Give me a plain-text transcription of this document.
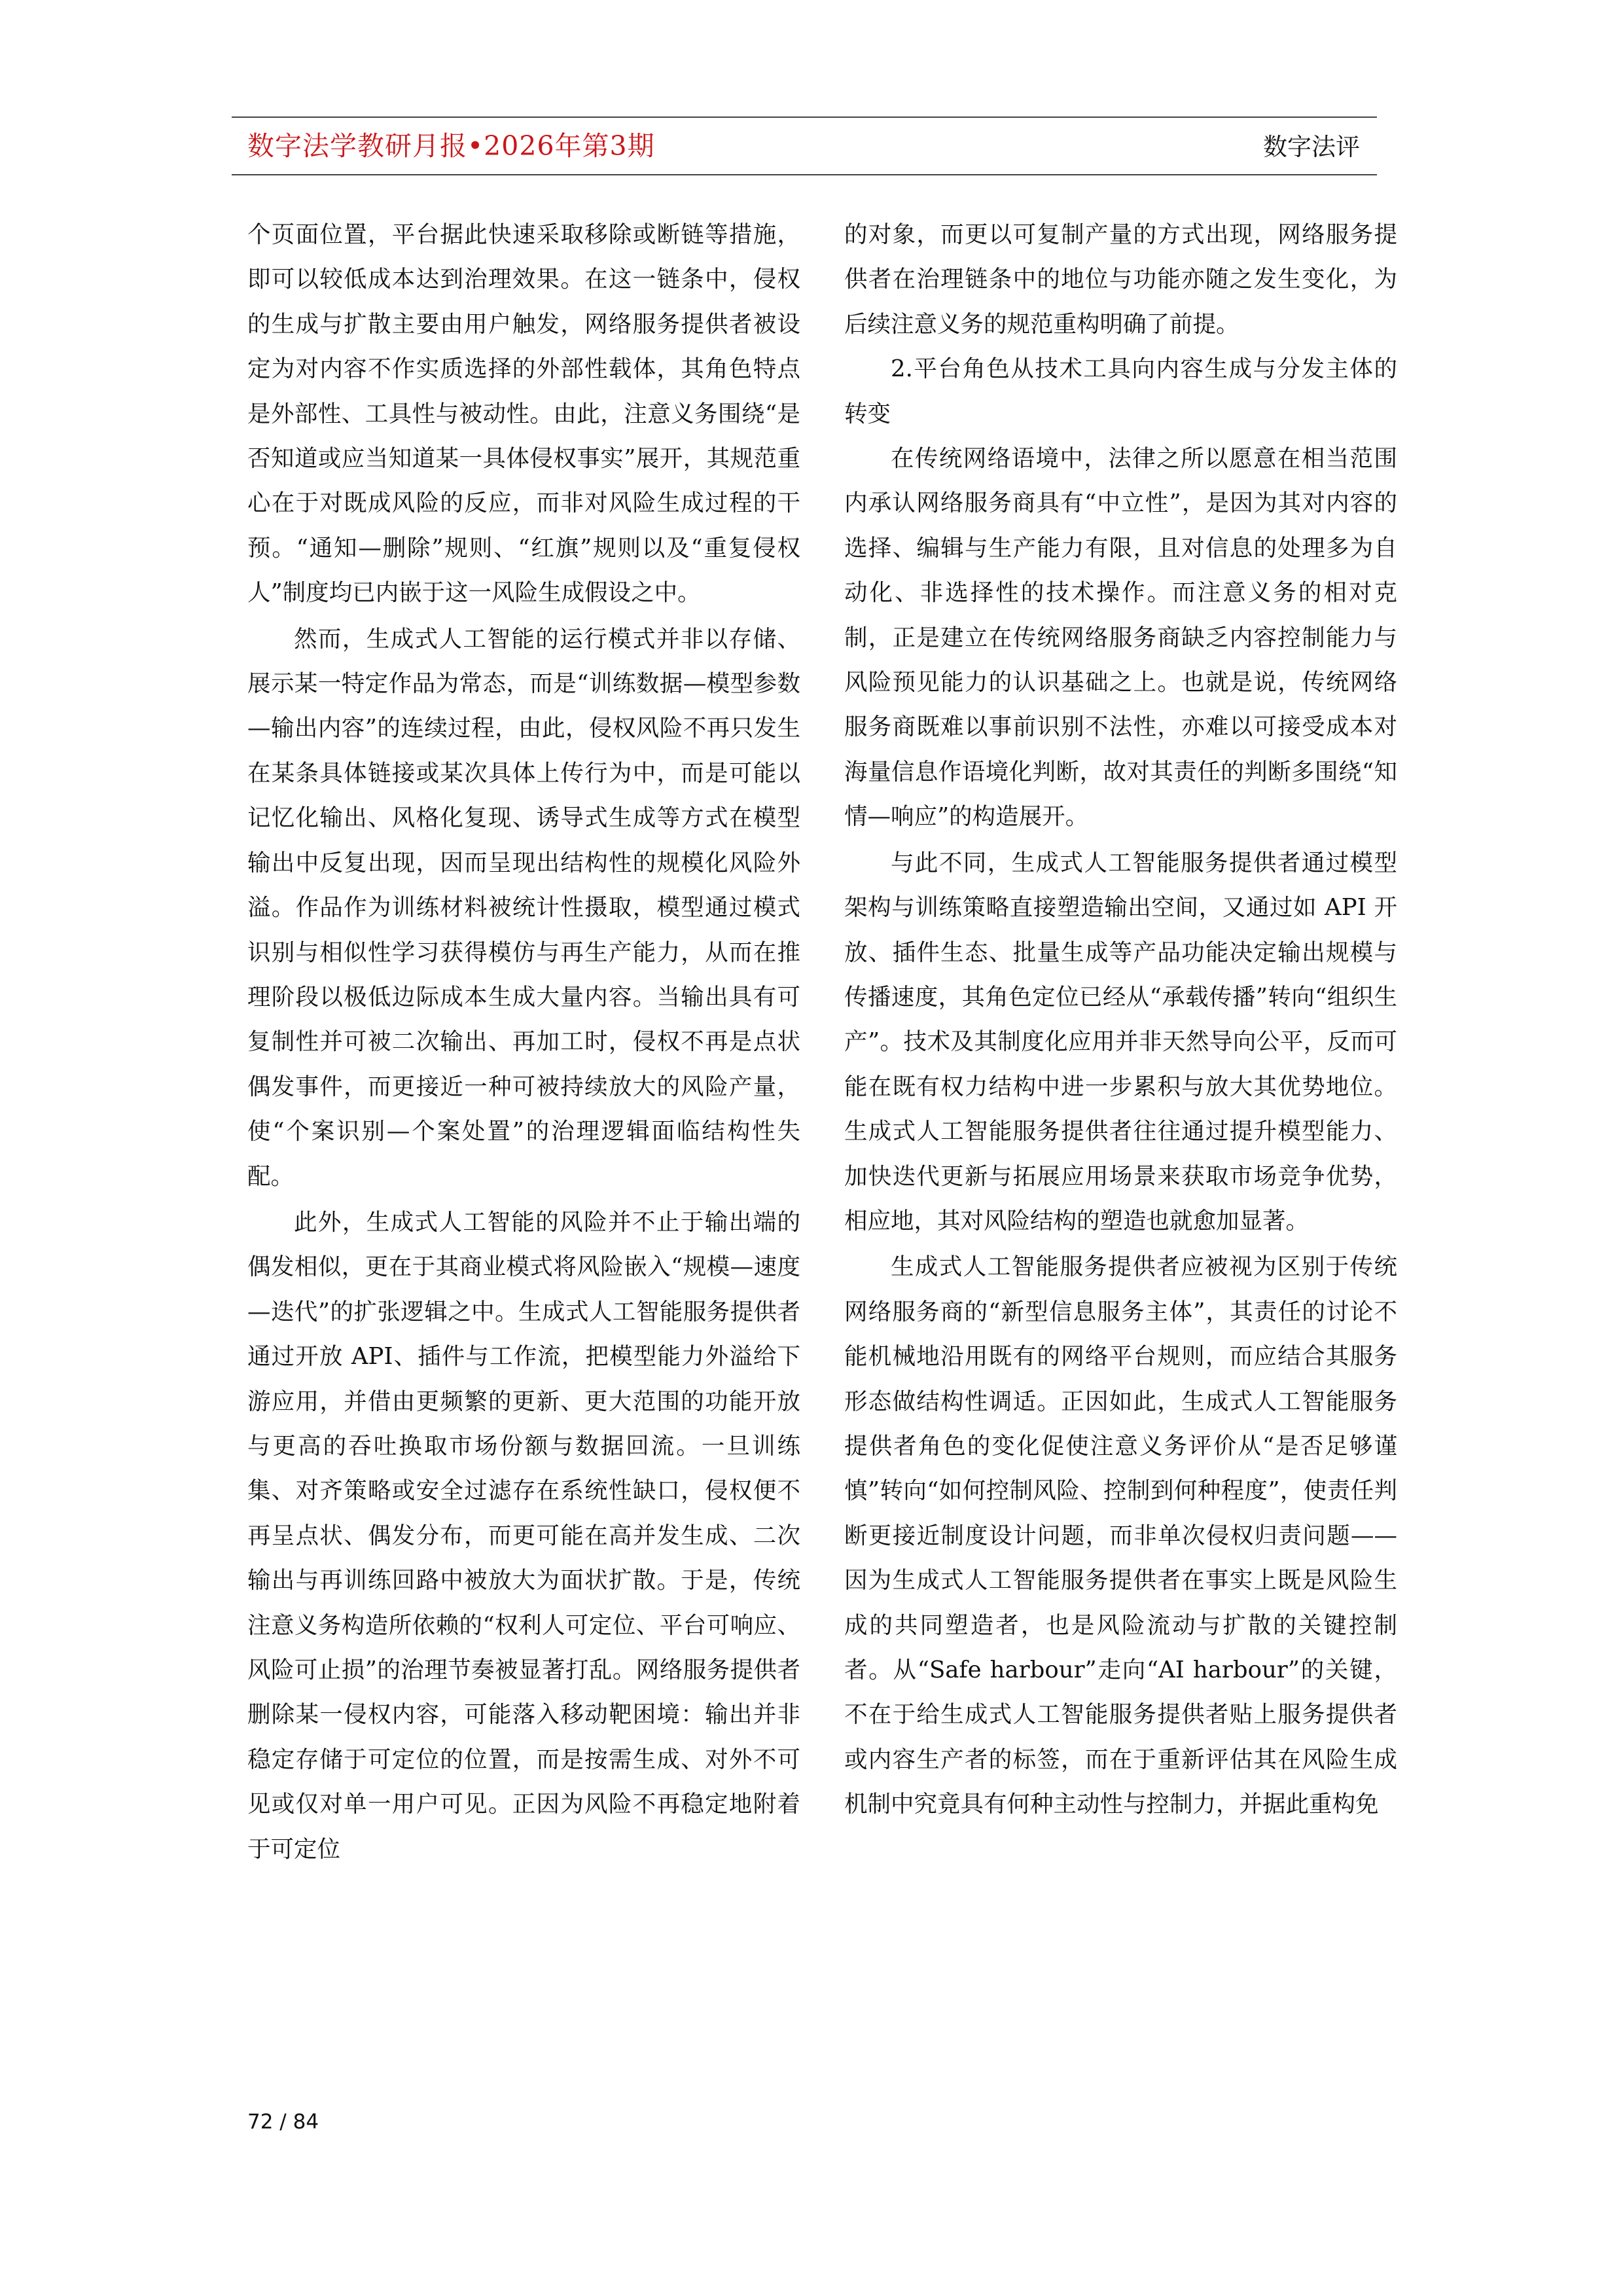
数字法学教研月报•2026年第3期	数字法评

个页面位置，平台据此快速采取移除或断链等措施，即可以较低成本达到治理效果。在这一链条中，侵权的生成与扩散主要由用户触发，网络服务提供者被设定为对内容不作实质选择的外部性载体，其角色特点是外部性、工具性与被动性。由此，注意义务围绕“是否知道或应当知道某一具体侵权事实”展开，其规范重心在于对既成风险的反应，而非对风险生成过程的干预。“通知—删除”规则、“红旗”规则以及“重复侵权人”制度均已内嵌于这一风险生成假设之中。

然而，生成式人工智能的运行模式并非以存储、展示某一特定作品为常态，而是“训练数据—模型参数—输出内容”的连续过程，由此，侵权风险不再只发生在某条具体链接或某次具体上传行为中，而是可能以记忆化输出、风格化复现、诱导式生成等方式在模型输出中反复出现，因而呈现出结构性的规模化风险外溢。作品作为训练材料被统计性摄取，模型通过模式识别与相似性学习获得模仿与再生产能力，从而在推理阶段以极低边际成本生成大量内容。当输出具有可复制性并可被二次输出、再加工时，侵权不再是点状偶发事件，而更接近一种可被持续放大的风险产量，使“个案识别—个案处置”的治理逻辑面临结构性失配。

此外，生成式人工智能的风险并不止于输出端的偶发相似，更在于其商业模式将风险嵌入“规模—速度—迭代”的扩张逻辑之中。生成式人工智能服务提供者通过开放 API、插件与工作流，把模型能力外溢给下游应用，并借由更频繁的更新、更大范围的功能开放与更高的吞吐换取市场份额与数据回流。一旦训练集、对齐策略或安全过滤存在系统性缺口，侵权便不再呈点状、偶发分布，而更可能在高并发生成、二次输出与再训练回路中被放大为面状扩散。于是，传统注意义务构造所依赖的“权利人可定位、平台可响应、风险可止损”的治理节奏被显著打乱。网络服务提供者删除某一侵权内容，可能落入移动靶困境：输出并非稳定存储于可定位的位置，而是按需生成、对外不可见或仅对单一用户可见。正因为风险不再稳定地附着于可定位

的对象，而更以可复制产量的方式出现，网络服务提供者在治理链条中的地位与功能亦随之发生变化，为后续注意义务的规范重构明确了前提。

2.平台角色从技术工具向内容生成与分发主体的转变

在传统网络语境中，法律之所以愿意在相当范围内承认网络服务商具有“中立性”，是因为其对内容的选择、编辑与生产能力有限，且对信息的处理多为自动化、非选择性的技术操作。而注意义务的相对克制，正是建立在传统网络服务商缺乏内容控制能力与风险预见能力的认识基础之上。也就是说，传统网络服务商既难以事前识别不法性，亦难以可接受成本对海量信息作语境化判断，故对其责任的判断多围绕“知情—响应”的构造展开。

与此不同，生成式人工智能服务提供者通过模型架构与训练策略直接塑造输出空间，又通过如 API 开放、插件生态、批量生成等产品功能决定输出规模与传播速度，其角色定位已经从“承载传播”转向“组织生产”。技术及其制度化应用并非天然导向公平，反而可能在既有权力结构中进一步累积与放大其优势地位。生成式人工智能服务提供者往往通过提升模型能力、加快迭代更新与拓展应用场景来获取市场竞争优势，相应地，其对风险结构的塑造也就愈加显著。

生成式人工智能服务提供者应被视为区别于传统网络服务商的“新型信息服务主体”，其责任的讨论不能机械地沿用既有的网络平台规则，而应结合其服务形态做结构性调适。正因如此，生成式人工智能服务提供者角色的变化促使注意义务评价从“是否足够谨慎”转向“如何控制风险、控制到何种程度”，使责任判断更接近制度设计问题，而非单次侵权归责问题——因为生成式人工智能服务提供者在事实上既是风险生成的共同塑造者，也是风险流动与扩散的关键控制者。从“Safe harbour”走向“AI harbour”的关键，不在于给生成式人工智能服务提供者贴上服务提供者或内容生产者的标签，而在于重新评估其在风险生成机制中究竟具有何种主动性与控制力，并据此重构免

72 / 84
